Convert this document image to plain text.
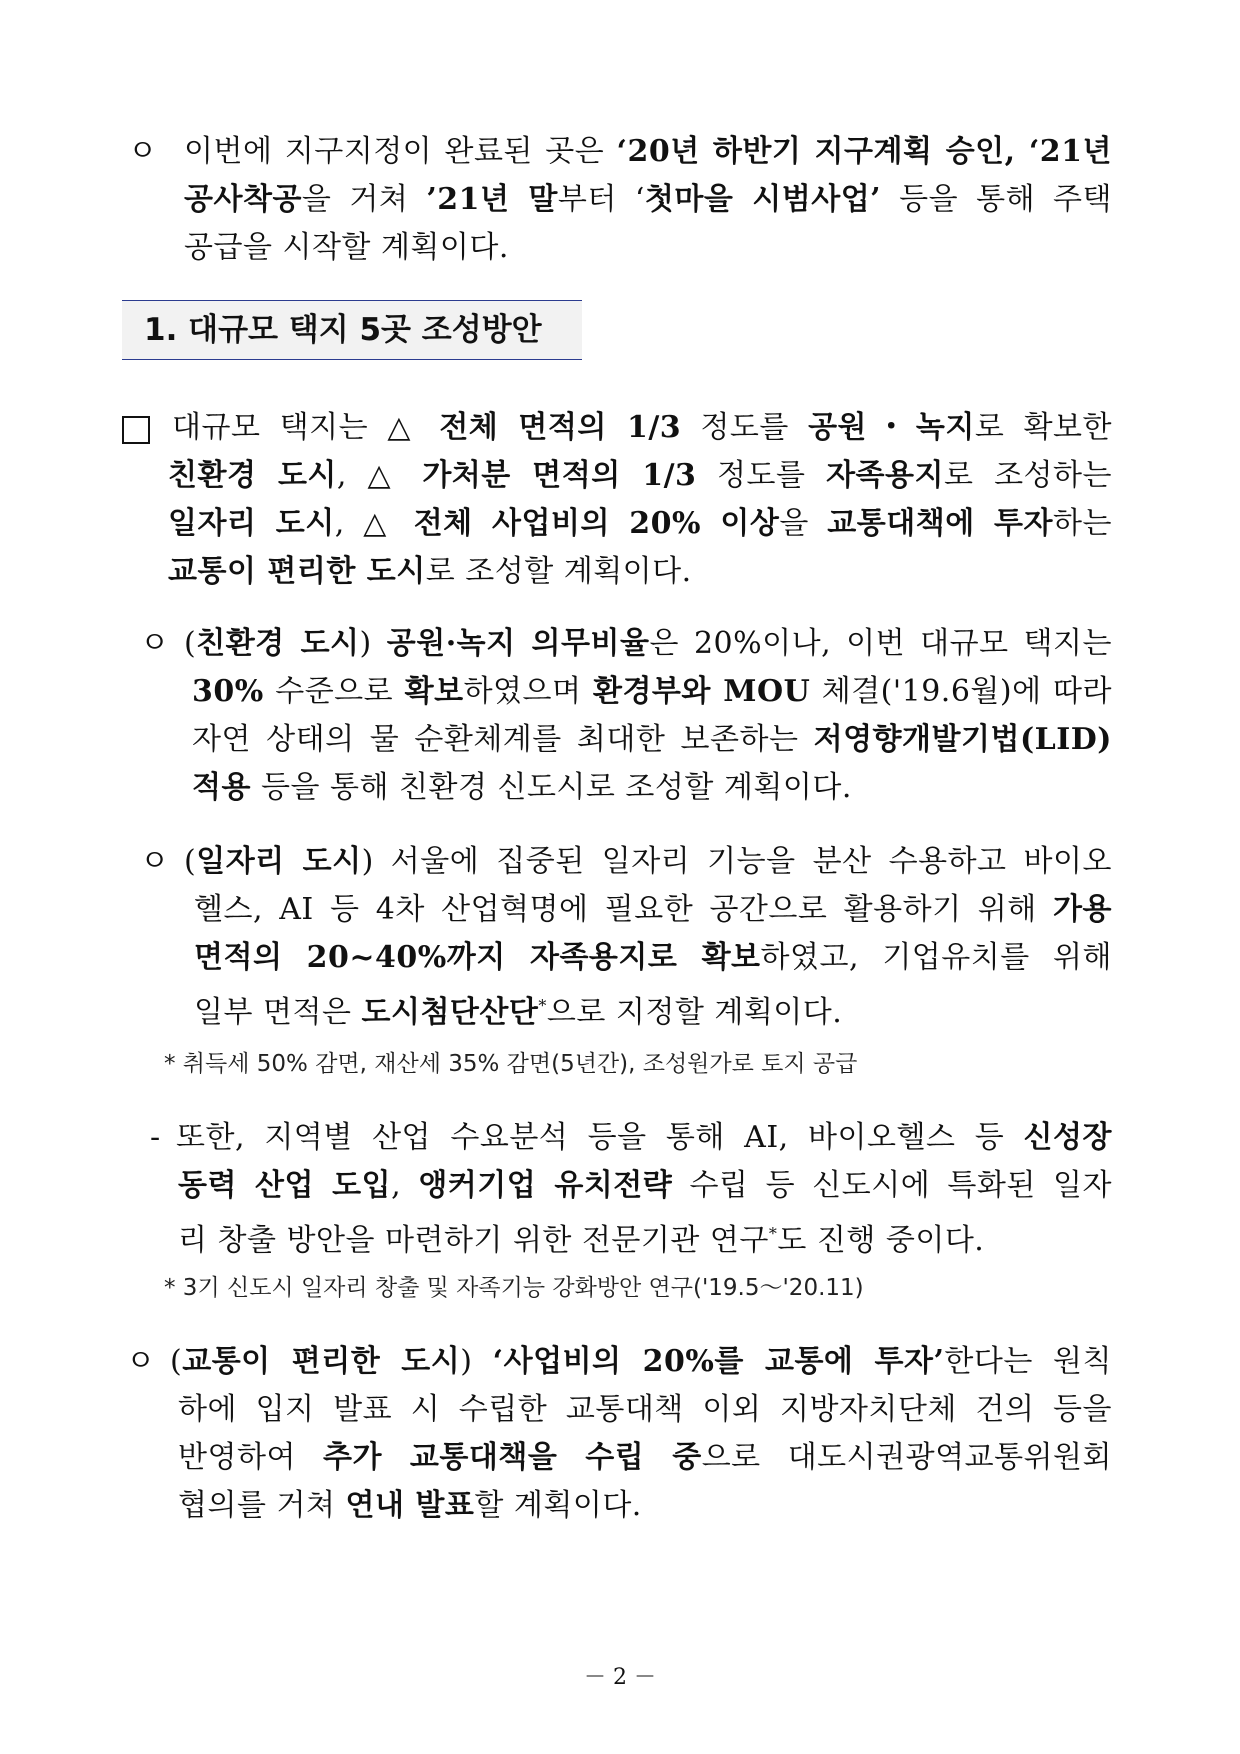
ㅇ 이번에 지구지정이 완료된 곳은 ‘20년 하반기 지구계획 승인, ‘21년
공사착공을 거쳐 ’21년 말부터 ‘첫마을 시범사업’ 등을 통해 주택
공급을 시작할 계획이다.
1. 대규모 택지 5곳 조성방안
대규모 택지는 △ 전체 면적의 1/3 정도를 공원・녹지로 확보한
친환경 도시, △ 가처분 면적의 1/3 정도를 자족용지로 조성하는
일자리 도시, △ 전체 사업비의 20% 이상을 교통대책에 투자하는
교통이 편리한 도시로 조성할 계획이다.
ㅇ (친환경 도시) 공원·녹지 의무비율은 20%이나, 이번 대규모 택지는
30% 수준으로 확보하였으며 환경부와 MOU 체결('19.6월)에 따라
자연 상태의 물 순환체계를 최대한 보존하는 저영향개발기법(LID)
적용 등을 통해 친환경 신도시로 조성할 계획이다.
ㅇ (일자리 도시) 서울에 집중된 일자리 기능을 분산 수용하고 바이오
헬스, AI 등 4차 산업혁명에 필요한 공간으로 활용하기 위해 가용
면적의 20~40%까지 자족용지로 확보하였고, 기업유치를 위해
일부 면적은 도시첨단산단*으로 지정할 계획이다.
* 취득세 50% 감면, 재산세 35% 감면(5년간), 조성원가로 토지 공급
- 또한, 지역별 산업 수요분석 등을 통해 AI, 바이오헬스 등 신성장
동력 산업 도입, 앵커기업 유치전략 수립 등 신도시에 특화된 일자
리 창출 방안을 마련하기 위한 전문기관 연구*도 진행 중이다.
* 3기 신도시 일자리 창출 및 자족기능 강화방안 연구('19.5～'20.11)
ㅇ (교통이 편리한 도시) ‘사업비의 20%를 교통에 투자’한다는 원칙
하에 입지 발표 시 수립한 교통대책 이외 지방자치단체 건의 등을
반영하여 추가 교통대책을 수립 중으로 대도시권광역교통위원회
협의를 거쳐 연내 발표할 계획이다.
－ 2 －
